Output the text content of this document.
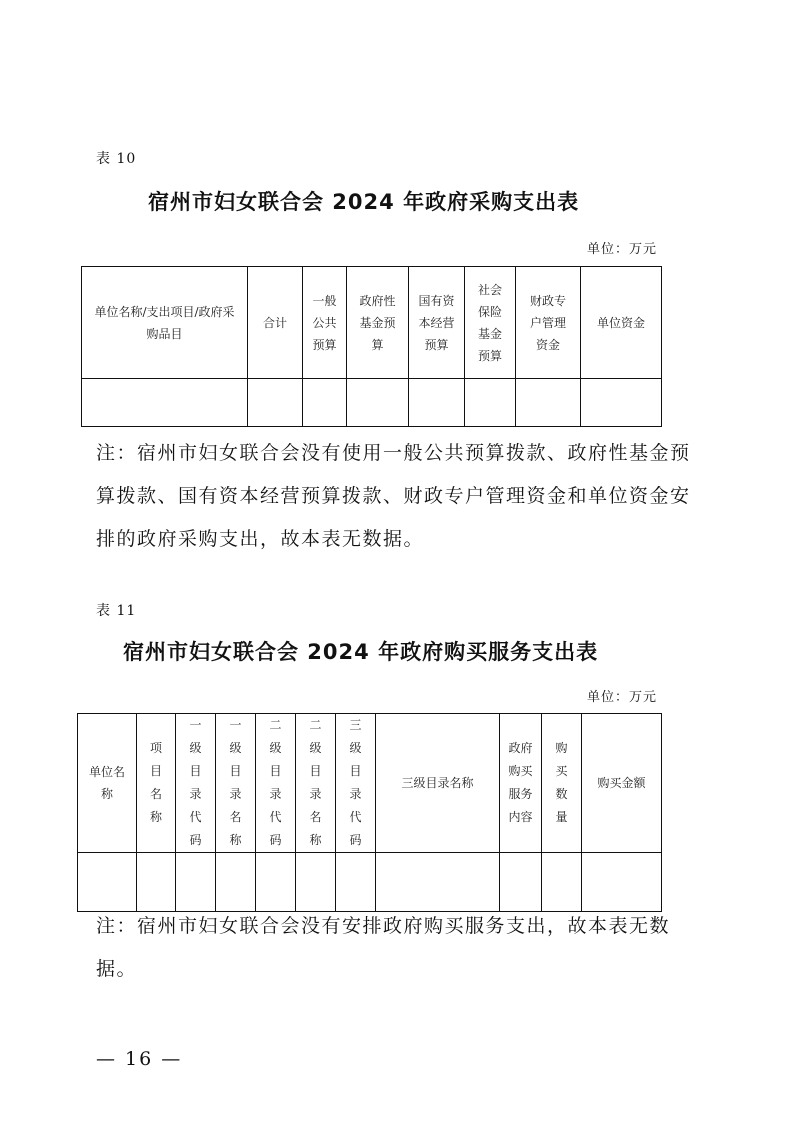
表 10
宿州市妇女联合会 2024 年政府采购支出表
单位：万元
单位名称/支出项目/政府采购品目	合计	一般公共预算	政府性基金预算	国有资本经营预算	社会保险基金预算	财政专户管理资金	单位资金

注：宿州市妇女联合会没有使用一般公共预算拨款、政府性基金预算拨款、国有资本经营预算拨款、财政专户管理资金和单位资金安排的政府采购支出，故本表无数据。
表 11
宿州市妇女联合会 2024 年政府购买服务支出表
单位：万元
单位名称	项目名称	一级目录代码	一级目录名称	二级目录代码	二级目录名称	三级目录代码	三级目录名称	政府购买服务内容	购买数量	购买金额

注：宿州市妇女联合会没有安排政府购买服务支出，故本表无数据。
— 16 —
